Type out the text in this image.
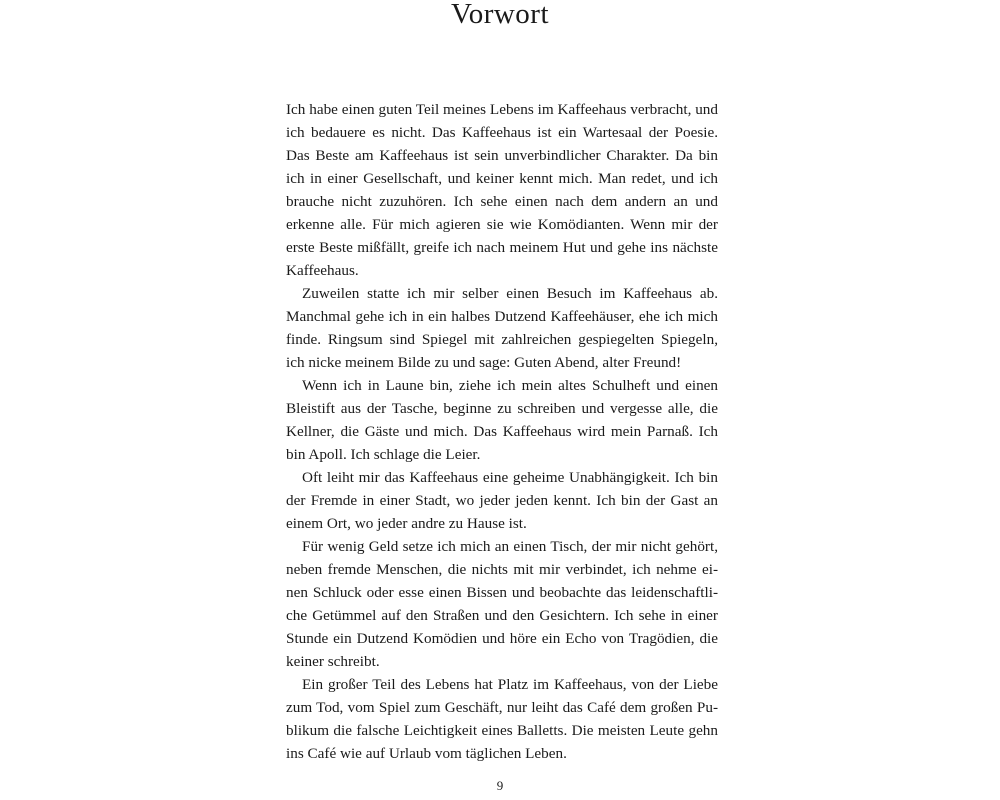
Vorwort

Ich habe einen guten Teil meines Lebens im Kaffeehaus verbracht, und ich bedauere es nicht. Das Kaffeehaus ist ein Wartesaal der Poesie. Das Beste am Kaffeehaus ist sein unverbindlicher Charakter. Da bin ich in einer Gesellschaft, und keiner kennt mich. Man redet, und ich brauche nicht zuzuhören. Ich sehe einen nach dem andern an und erkenne alle. Für mich agieren sie wie Komödianten. Wenn mir der erste Beste mißfällt, greife ich nach meinem Hut und gehe ins nächste Kaffeehaus.

Zuweilen statte ich mir selber einen Besuch im Kaffeehaus ab. Manchmal gehe ich in ein halbes Dutzend Kaffeehäuser, ehe ich mich finde. Ringsum sind Spiegel mit zahlreichen gespiegelten Spiegeln, ich nicke meinem Bilde zu und sage: Guten Abend, alter Freund!

Wenn ich in Laune bin, ziehe ich mein altes Schulheft und einen Bleistift aus der Tasche, beginne zu schreiben und vergesse alle, die Kellner, die Gäste und mich. Das Kaffeehaus wird mein Parnaß. Ich bin Apoll. Ich schlage die Leier.

Oft leiht mir das Kaffeehaus eine geheime Unabhängigkeit. Ich bin der Fremde in einer Stadt, wo jeder jeden kennt. Ich bin der Gast an einem Ort, wo jeder andre zu Hause ist.

Für wenig Geld setze ich mich an einen Tisch, der mir nicht gehört, neben fremde Menschen, die nichts mit mir verbindet, ich nehme einen Schluck oder esse einen Bissen und beobachte das leidenschaftliche Getümmel auf den Straßen und den Gesichtern. Ich sehe in einer Stunde ein Dutzend Komödien und höre ein Echo von Tragödien, die keiner schreibt.

Ein großer Teil des Lebens hat Platz im Kaffeehaus, von der Liebe zum Tod, vom Spiel zum Geschäft, nur leiht das Café dem großen Publikum die falsche Leichtigkeit eines Balletts. Die meisten Leute gehn ins Café wie auf Urlaub vom täglichen Leben.

9
